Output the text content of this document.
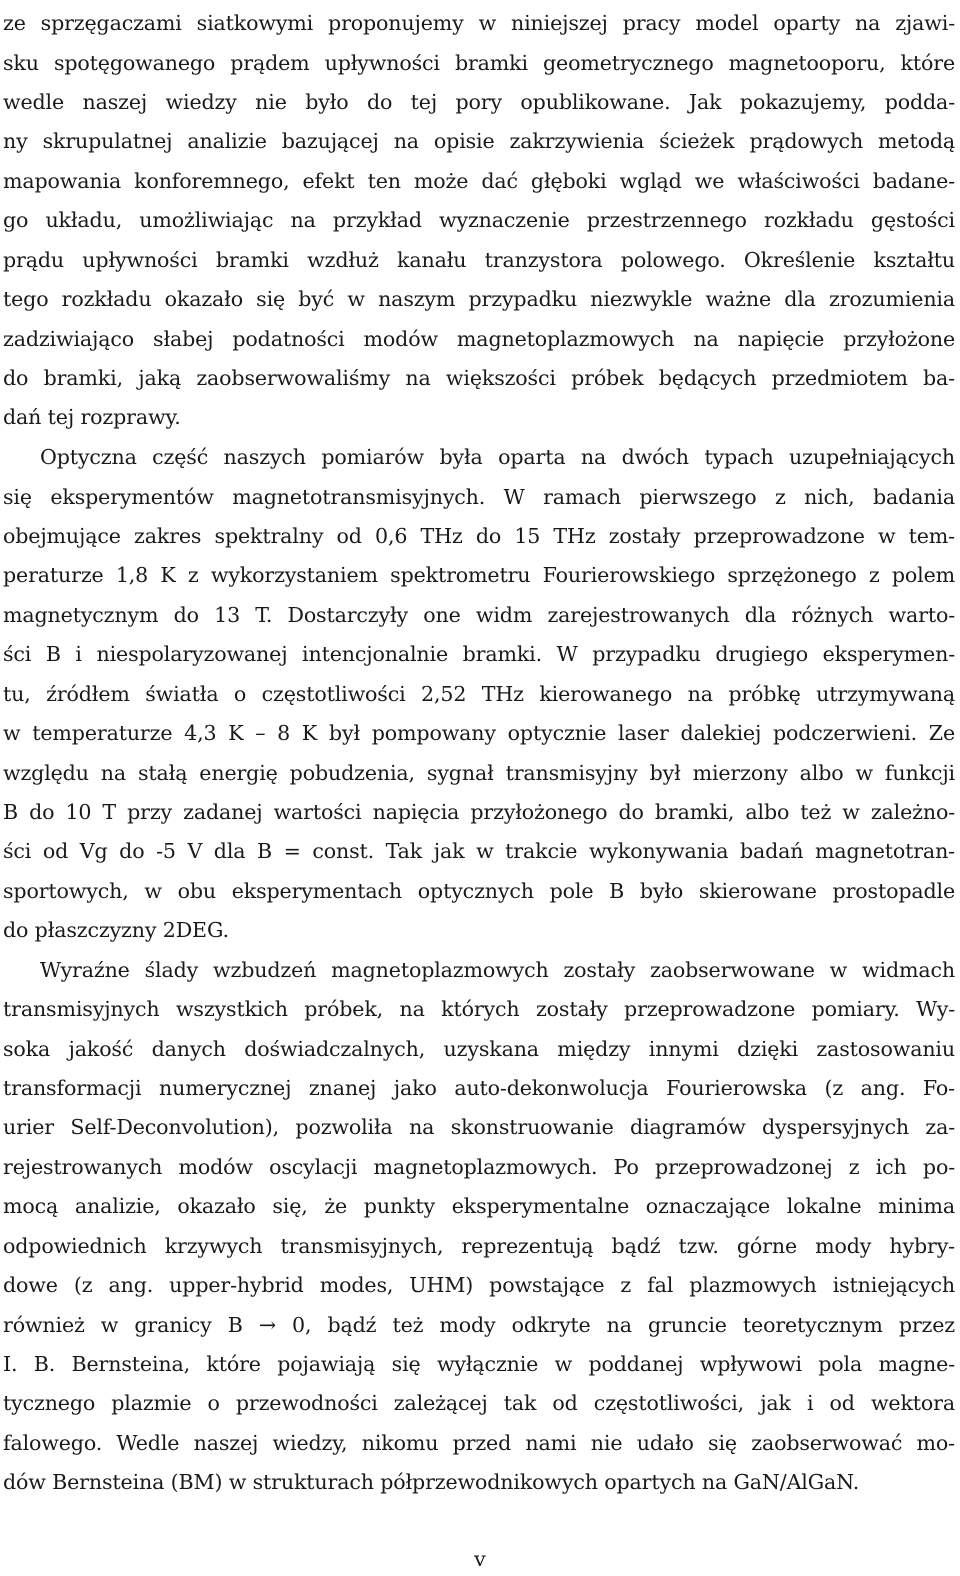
ze sprzęgaczami siatkowymi proponujemy w niniejszej pracy model oparty na zjawi-
sku spotęgowanego prądem upływności bramki geometrycznego magnetooporu, które
wedle naszej wiedzy nie było do tej pory opublikowane. Jak pokazujemy, podda-
ny skrupulatnej analizie bazującej na opisie zakrzywienia ścieżek prądowych metodą
mapowania konforemnego, efekt ten może dać głęboki wgląd we właściwości badane-
go układu, umożliwiając na przykład wyznaczenie przestrzennego rozkładu gęstości
prądu upływności bramki wzdłuż kanału tranzystora polowego. Określenie kształtu
tego rozkładu okazało się być w naszym przypadku niezwykle ważne dla zrozumienia
zadziwiająco słabej podatności modów magnetoplazmowych na napięcie przyłożone
do bramki, jaką zaobserwowaliśmy na większości próbek będących przedmiotem ba-
dań tej rozprawy.
Optyczna część naszych pomiarów była oparta na dwóch typach uzupełniających
się eksperymentów magnetotransmisyjnych. W ramach pierwszego z nich, badania
obejmujące zakres spektralny od 0,6 THz do 15 THz zostały przeprowadzone w tem-
peraturze 1,8 K z wykorzystaniem spektrometru Fourierowskiego sprzężonego z polem
magnetycznym do 13 T. Dostarczyły one widm zarejestrowanych dla różnych warto-
ści B i niespolaryzowanej intencjonalnie bramki. W przypadku drugiego eksperymen-
tu, źródłem światła o częstotliwości 2,52 THz kierowanego na próbkę utrzymywaną
w temperaturze 4,3 K – 8 K był pompowany optycznie laser dalekiej podczerwieni. Ze
względu na stałą energię pobudzenia, sygnał transmisyjny był mierzony albo w funkcji
B do 10 T przy zadanej wartości napięcia przyłożonego do bramki, albo też w zależno-
ści od Vg do -5 V dla B = const. Tak jak w trakcie wykonywania badań magnetotran-
sportowych, w obu eksperymentach optycznych pole B było skierowane prostopadle
do płaszczyzny 2DEG.
Wyraźne ślady wzbudzeń magnetoplazmowych zostały zaobserwowane w widmach
transmisyjnych wszystkich próbek, na których zostały przeprowadzone pomiary. Wy-
soka jakość danych doświadczalnych, uzyskana między innymi dzięki zastosowaniu
transformacji numerycznej znanej jako auto-dekonwolucja Fourierowska (z ang. Fo-
urier Self-Deconvolution), pozwoliła na skonstruowanie diagramów dyspersyjnych za-
rejestrowanych modów oscylacji magnetoplazmowych. Po przeprowadzonej z ich po-
mocą analizie, okazało się, że punkty eksperymentalne oznaczające lokalne minima
odpowiednich krzywych transmisyjnych, reprezentują bądź tzw. górne mody hybry-
dowe (z ang. upper-hybrid modes, UHM) powstające z fal plazmowych istniejących
również w granicy B → 0, bądź też mody odkryte na gruncie teoretycznym przez
I. B. Bernsteina, które pojawiają się wyłącznie w poddanej wpływowi pola magne-
tycznego plazmie o przewodności zależącej tak od częstotliwości, jak i od wektora
falowego. Wedle naszej wiedzy, nikomu przed nami nie udało się zaobserwować mo-
dów Bernsteina (BM) w strukturach półprzewodnikowych opartych na GaN/AlGaN.
v
